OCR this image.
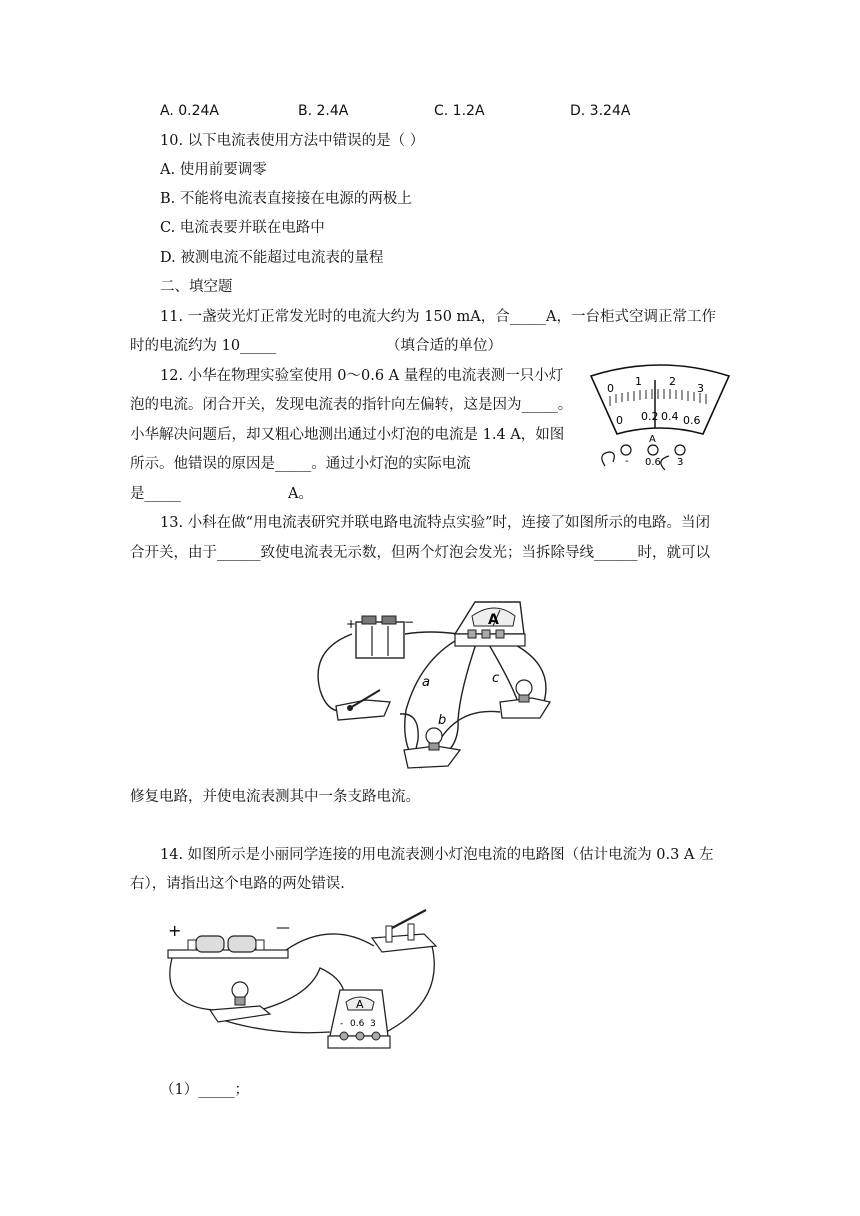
A. 0.24A	B. 2.4A	C. 1.2A	D. 3.24A
10. 以下电流表使用方法中错误的是（ ）
A. 使用前要调零
B. 不能将电流表直接接在电源的两极上
C. 电流表要并联在电路中
D. 被测电流不能超过电流表的量程
二、填空题
11. 一盏荧光灯正常发光时的电流大约为 150 mA，合_____A，一台柜式空调正常工作
时的电流约为 10_____	（填合适的单位）
12. 小华在物理实验室使用 0～0.6 A 量程的电流表测一只小灯
泡的电流。闭合开关，发现电流表的指针向左偏转，这是因为_____。
小华解决问题后，却又粗心地测出通过小灯泡的电流是 1.4 A，如图
所示。他错误的原因是_____。通过小灯泡的实际电流
是_____	A。
0
1 2
3
0 0.2 0.4 0.6
A
- 0.6 3
13. 小科在做“用电流表研究并联电路电流特点实验”时，连接了如图所示的电路。当闭
合开关，由于______致使电流表无示数，但两个灯泡会发光；当拆除导线______时，就可以
+	−	A
a
b
c
修复电路，并使电流表测其中一条支路电流。
14. 如图所示是小丽同学连接的用电流表测小灯泡电流的电路图（估计电流为 0.3 A 左
右），请指出这个电路的两处错误.
+	—
A
- 0.6 3
（1）_____；
